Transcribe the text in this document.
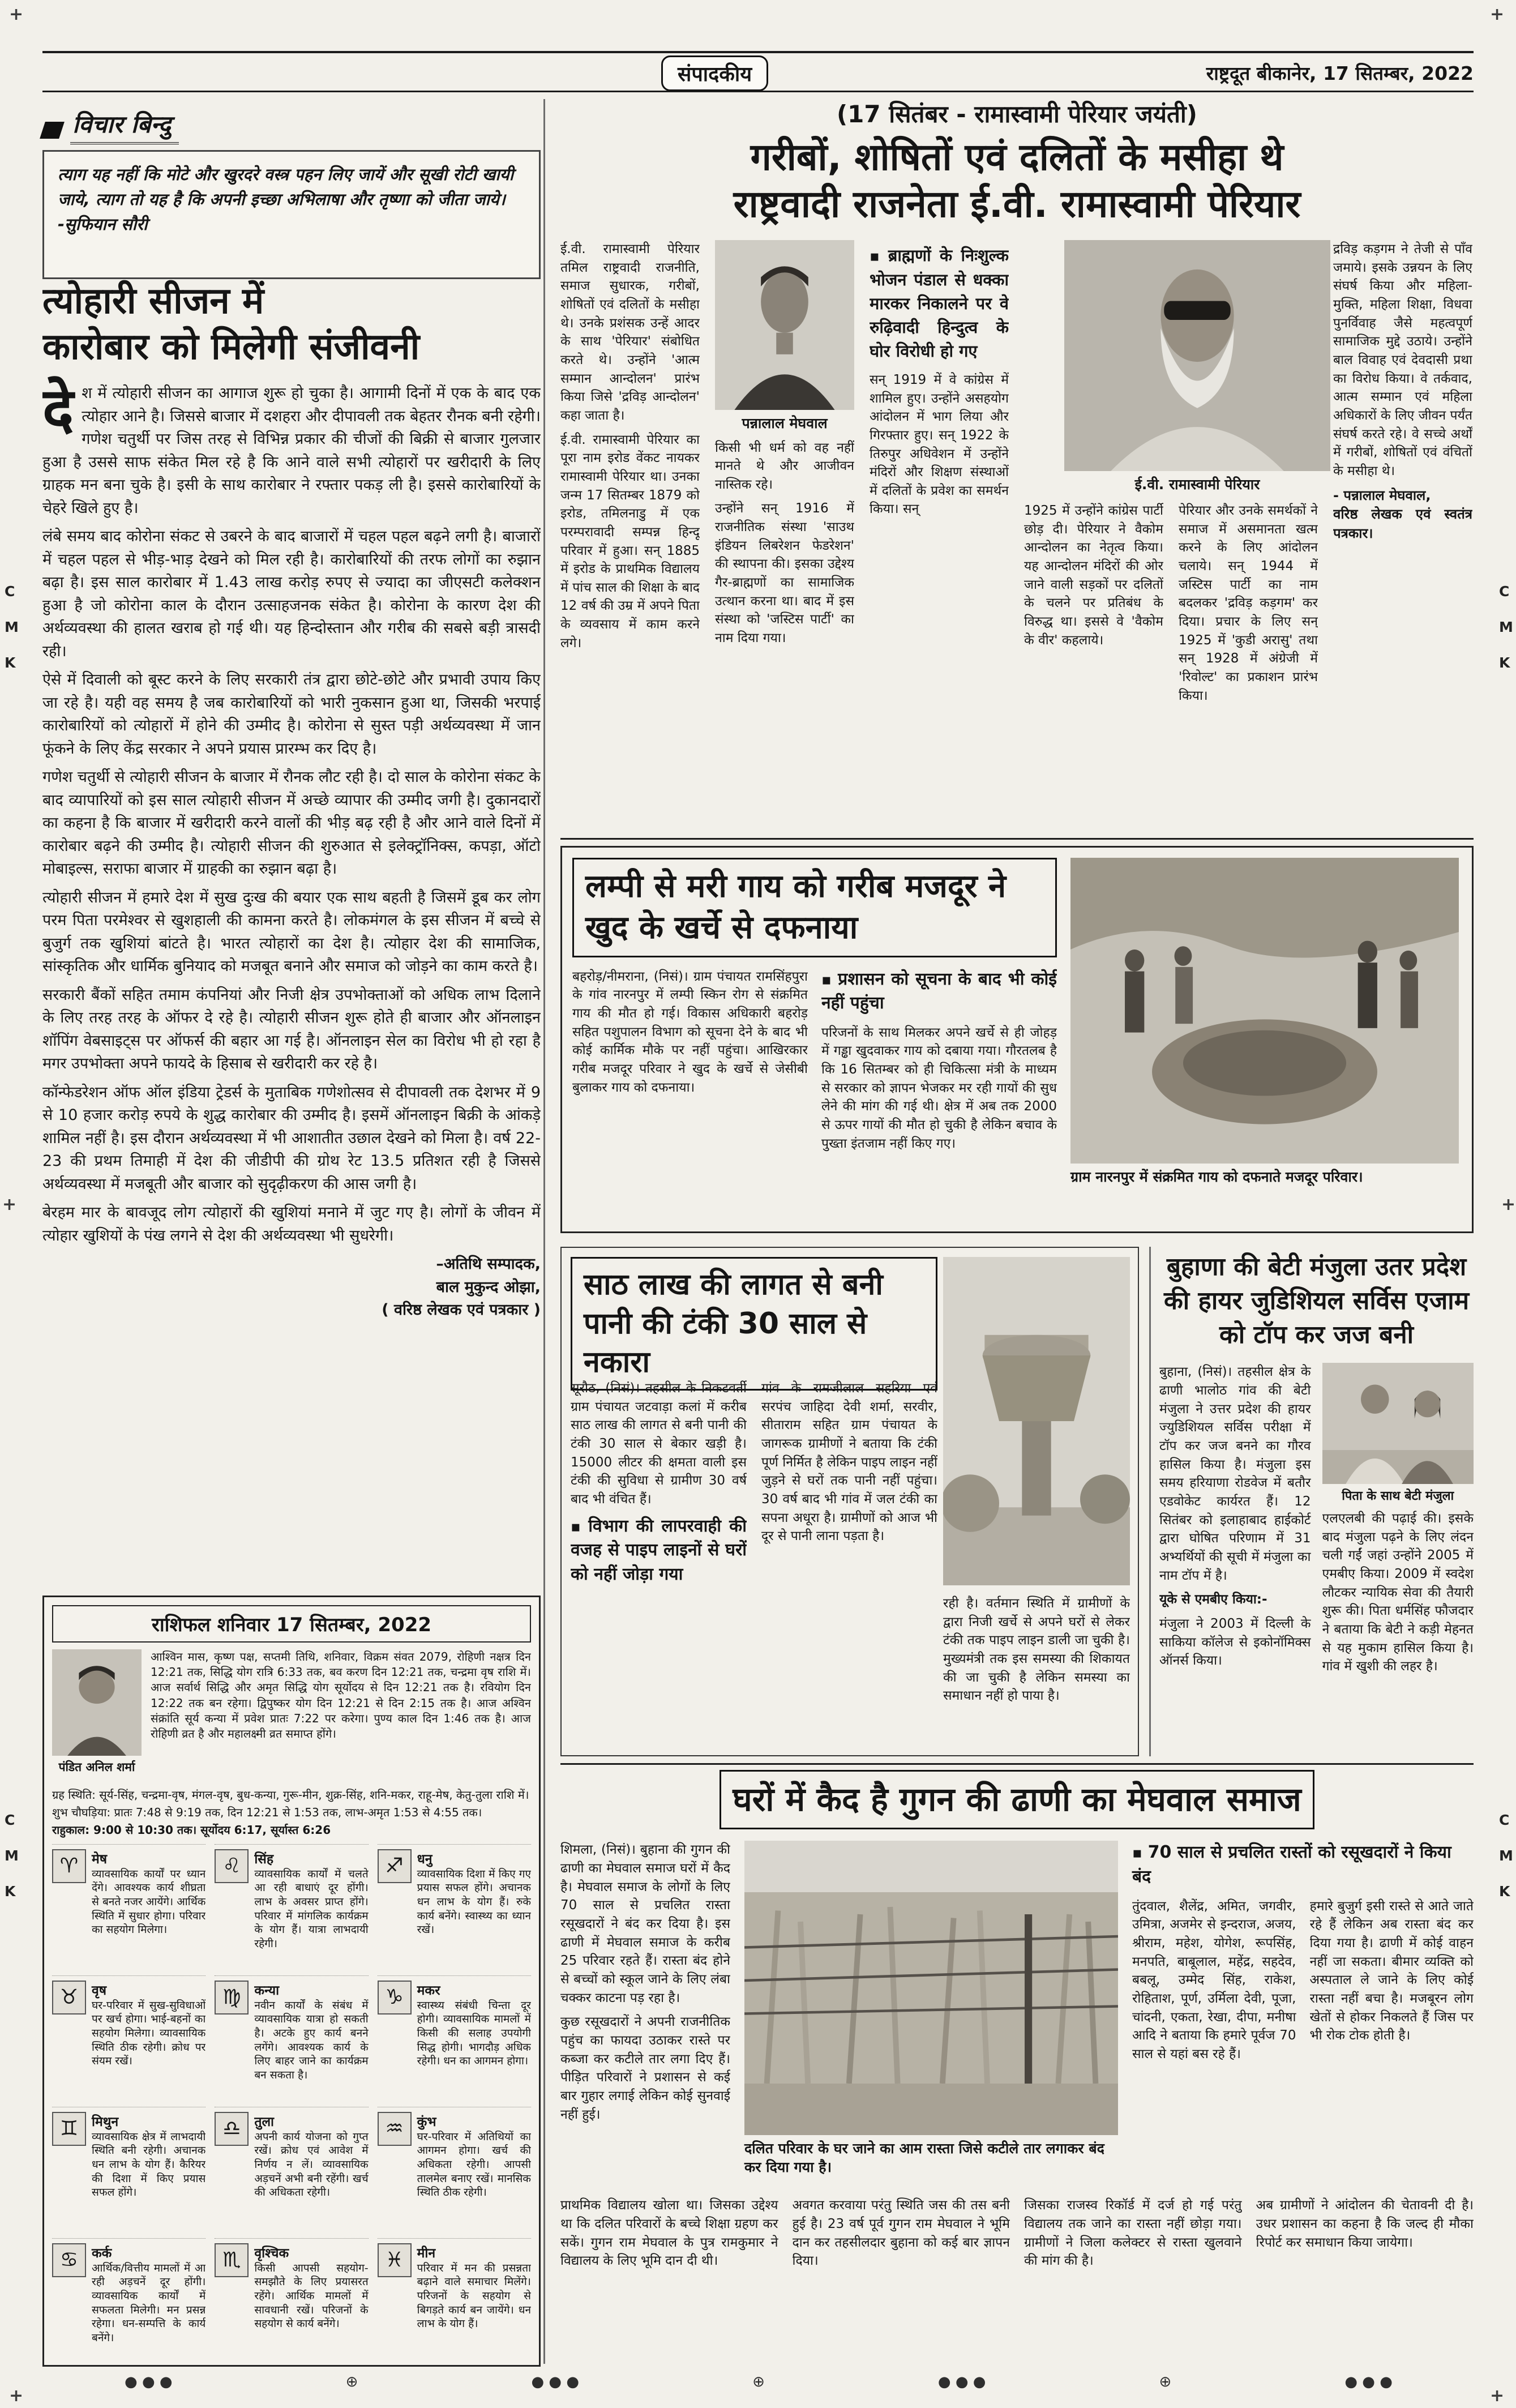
+	+
+	+
+	+
C
M
K
C
M
K
C
M
K
C
M
K
संपादकीय	राष्ट्रदूत बीकानेर, 17 सितम्बर, 2022
विचार बिन्दु
त्याग यह नहीं कि मोटे और खुरदरे वस्त्र पहन लिए जायें और सूखी रोटी खायी जाये, त्याग तो यह है कि अपनी इच्छा अभिलाषा और तृष्णा को जीता जाये। -सुफियान सौरी
त्योहारी सीजन में
कारोबार को मिलेगी संजीवनी

देश में त्योहारी सीजन का आगाज शुरू हो चुका है। आगामी दिनों में एक के बाद एक त्योहार आने है। जिससे बाजार में दशहरा और दीपावली तक बेहतर रौनक बनी रहेगी। गणेश चतुर्थी पर जिस तरह से विभिन्न प्रकार की चीजों की बिक्री से बाजार गुलजार हुआ है उससे साफ संकेत मिल रहे है कि आने वाले सभी त्योहारों पर खरीदारी के लिए ग्राहक मन बना चुके है। इसी के साथ कारोबार ने रफ्तार पकड़ ली है। इससे कारोबारियों के चेहरे खिले हुए है।

लंबे समय बाद कोरोना संकट से उबरने के बाद बाजारों में चहल पहल बढ़ने लगी है। बाजारों में चहल पहल से भीड़-भाड़ देखने को मिल रही है। कारोबारियों की तरफ लोगों का रुझान बढ़ा है। इस साल कारोबार में 1.43 लाख करोड़ रुपए से ज्यादा का जीएसटी कलेक्शन हुआ है जो कोरोना काल के दौरान उत्साहजनक संकेत है। कोरोना के कारण देश की अर्थव्यवस्था की हालत खराब हो गई थी। यह हिन्दोस्तान और गरीब की सबसे बड़ी त्रासदी रही।

ऐसे में दिवाली को बूस्ट करने के लिए सरकारी तंत्र द्वारा छोटे-छोटे और प्रभावी उपाय किए जा रहे है। यही वह समय है जब कारोबारियों को भारी नुकसान हुआ था, जिसकी भरपाई कारोबारियों को त्योहारों में होने की उम्मीद है। कोरोना से सुस्त पड़ी अर्थव्यवस्था में जान फूंकने के लिए केंद्र सरकार ने अपने प्रयास प्रारम्भ कर दिए है।

गणेश चतुर्थी से त्योहारी सीजन के बाजार में रौनक लौट रही है। दो साल के कोरोना संकट के बाद व्यापारियों को इस साल त्योहारी सीजन में अच्छे व्यापार की उम्मीद जगी है। दुकानदारों का कहना है कि बाजार में खरीदारी करने वालों की भीड़ बढ़ रही है और आने वाले दिनों में कारोबार बढ़ने की उम्मीद है। त्योहारी सीजन की शुरुआत से इलेक्ट्रॉनिक्स, कपड़ा, ऑटो मोबाइल्स, सराफा बाजार में ग्राहकी का रुझान बढ़ा है।

त्योहारी सीजन में हमारे देश में सुख दुःख की बयार एक साथ बहती है जिसमें डूब कर लोग परम पिता परमेश्वर से खुशहाली की कामना करते है। लोकमंगल के इस सीजन में बच्चे से बुजुर्ग तक खुशियां बांटते है। भारत त्योहारों का देश है। त्योहार देश की सामाजिक, सांस्कृतिक और धार्मिक बुनियाद को मजबूत बनाने और समाज को जोड़ने का काम करते है।

सरकारी बैंकों सहित तमाम कंपनियां और निजी क्षेत्र उपभोक्ताओं को अधिक लाभ दिलाने के लिए तरह तरह के ऑफर दे रहे है। त्योहारी सीजन शुरू होते ही बाजार और ऑनलाइन शॉपिंग वेबसाइट्स पर ऑफर्स की बहार आ गई है। ऑनलाइन सेल का विरोध भी हो रहा है मगर उपभोक्ता अपने फायदे के हिसाब से खरीदारी कर रहे है।

कॉन्फेडरेशन ऑफ ऑल इंडिया ट्रेडर्स के मुताबिक गणेशोत्सव से दीपावली तक देशभर में 9 से 10 हजार करोड़ रुपये के शुद्ध कारोबार की उम्मीद है। इसमें ऑनलाइन बिक्री के आंकड़े शामिल नहीं है। इस दौरान अर्थव्यवस्था में भी आशातीत उछाल देखने को मिला है। वर्ष 22-23 की प्रथम तिमाही में देश की जीडीपी की ग्रोथ रेट 13.5 प्रतिशत रही है जिससे अर्थव्यवस्था में मजबूती और बाजार को सुदृढ़ीकरण की आस जगी है।

बेरहम मार के बावजूद लोग त्योहारों की खुशियां मनाने में जुट गए है। लोगों के जीवन में त्योहार खुशियों के पंख लगने से देश की अर्थव्यवस्था भी सुधरेगी।

–अतिथि सम्पादक,
बाल मुकुन्द ओझा,
( वरिष्ठ लेखक एवं पत्रकार )
राशिफल शनिवार 17 सितम्बर, 2022
पंडित अनिल शर्मा
आश्विन मास, कृष्ण पक्ष, सप्तमी तिथि, शनिवार, विक्रम संवत 2079, रोहिणी नक्षत्र दिन 12:21 तक, सिद्धि योग रात्रि 6:33 तक, बव करण दिन 12:21 तक, चन्द्रमा वृष राशि में। आज सर्वार्थ सिद्धि और अमृत सिद्धि योग सूर्योदय से दिन 12:21 तक है। रवियोग दिन 12:22 तक बन रहेगा। द्विपुष्कर योग दिन 12:21 से दिन 2:15 तक है। आज अश्विन संक्रांति सूर्य कन्या में प्रवेश प्रातः 7:22 पर करेगा। पुण्य काल दिन 1:46 तक है। आज रोहिणी व्रत है और महालक्ष्मी व्रत समाप्त होंगे।
ग्रह स्थिति: सूर्य-सिंह, चन्द्रमा-वृष, मंगल-वृष, बुध-कन्या, गुरू-मीन, शुक्र-सिंह, शनि-मकर, राहू-मेष, केतु-तुला राशि में।
शुभ चौघड़िया: प्रातः 7:48 से 9:19 तक, दिन 12:21 से 1:53 तक, लाभ-अमृत 1:53 से 4:55 तक।
राहुकाल: 9:00 से 10:30 तक। सूर्योदय 6:17, सूर्यास्त 6:26
♈	मेष
व्यावसायिक कार्यों पर ध्यान देंगे। आवश्यक कार्य शीघ्रता से बनते नजर आयेंगे। आर्थिक स्थिति में सुधार होगा। परिवार का सहयोग मिलेगा।
♌	सिंह
व्यावसायिक कार्यों में चलते आ रही बाधाएं दूर होंगी। लाभ के अवसर प्राप्त होंगे। परिवार में मांगलिक कार्यक्रम के योग हैं। यात्रा लाभदायी रहेगी।
♐	धनु
व्यावसायिक दिशा में किए गए प्रयास सफल होंगे। अचानक धन लाभ के योग हैं। रुके कार्य बनेंगे। स्वास्थ्य का ध्यान रखें।
♉	वृष
घर-परिवार में सुख-सुविधाओं पर खर्च होगा। भाई-बहनों का सहयोग मिलेगा। व्यावसायिक स्थिति ठीक रहेगी। क्रोध पर संयम रखें।
♍	कन्या
नवीन कार्यों के संबंध में व्यावसायिक यात्रा हो सकती है। अटके हुए कार्य बनने लगेंगे। आवश्यक कार्य के लिए बाहर जाने का कार्यक्रम बन सकता है।
♑	मकर
स्वास्थ्य संबंधी चिन्ता दूर होगी। व्यावसायिक मामलों में किसी की सलाह उपयोगी सिद्ध होगी। भागदौड़ अधिक रहेगी। धन का आगमन होगा।
♊	मिथुन
व्यावसायिक क्षेत्र में लाभदायी स्थिति बनी रहेगी। अचानक धन लाभ के योग हैं। कैरियर की दिशा में किए प्रयास सफल होंगे।
♎	तुला
अपनी कार्य योजना को गुप्त रखें। क्रोध एवं आवेश में निर्णय न लें। व्यावसायिक अड़चनें अभी बनी रहेंगी। खर्च की अधिकता रहेगी।
♒	कुंभ
घर-परिवार में अतिथियों का आगमन होगा। खर्च की अधिकता रहेगी। आपसी तालमेल बनाए रखें। मानसिक स्थिति ठीक रहेगी।
♋	कर्क
आर्थिक/वित्तीय मामलों में आ रही अड़चनें दूर होंगी। व्यावसायिक कार्यों में सफलता मिलेगी। मन प्रसन्न रहेगा। धन-सम्पत्ति के कार्य बनेंगे।
♏	वृश्चिक
किसी आपसी सहयोग-समझौते के लिए प्रयासरत रहेंगे। आर्थिक मामलों में सावधानी रखें। परिजनों के सहयोग से कार्य बनेंगे।
♓	मीन
परिवार में मन की प्रसन्नता बढ़ाने वाले समाचार मिलेंगे। परिजनों के सहयोग से बिगड़ते कार्य बन जायेंगे। धन लाभ के योग हैं।
(17 सितंबर - रामास्वामी पेरियार जयंती)
गरीबों, शोषितों एवं दलितों के मसीहा थे
राष्ट्रवादी राजनेता ई.वी. रामास्वामी पेरियार
ई.वी. रामास्वामी पेरियार

ई.वी. रामास्वामी पेरियार तमिल राष्ट्रवादी राजनीति, समाज सुधारक, गरीबों, शोषितों एवं दलितों के मसीहा थे। उनके प्रशंसक उन्हें आदर के साथ 'पेरियार' संबोधित करते थे। उन्होंने 'आत्म सम्मान आन्दोलन' प्रारंभ किया जिसे 'द्रविड़ आन्दोलन' कहा जाता है।

ई.वी. रामास्वामी पेरियार का पूरा नाम इरोड वेंकट नायकर रामास्वामी पेरियार था। उनका जन्म 17 सितम्बर 1879 को इरोड, तमिलनाडु में एक परम्परावादी सम्पन्न हिन्दू परिवार में हुआ। सन् 1885 में इरोड के प्राथमिक विद्यालय में पांच साल की शिक्षा के बाद 12 वर्ष की उम्र में अपने पिता के व्यवसाय में काम करने लगे।

पन्नालाल मेघवाल

किसी भी धर्म को वह नहीं मानते थे और आजीवन नास्तिक रहे।

उन्होंने सन् 1916 में राजनीतिक संस्था 'साउथ इंडियन लिबरेशन फेडरेशन' की स्थापना की। इसका उद्देश्य गैर-ब्राह्मणों का सामाजिक उत्थान करना था। बाद में इस संस्था को 'जस्टिस पार्टी' का नाम दिया गया।

▪ ब्राह्मणों के निःशुल्क भोजन पंडाल से धक्का मारकर निकालने पर वे रुढ़िवादी हिन्दुत्व के घोर विरोधी हो गए

सन् 1919 में वे कांग्रेस में शामिल हुए। उन्होंने असहयोग आंदोलन में भाग लिया और गिरफ्तार हुए। सन् 1922 के तिरुपुर अधिवेशन में उन्होंने मंदिरों और शिक्षण संस्थाओं में दलितों के प्रवेश का समर्थन किया। सन्	1925 में उन्होंने कांग्रेस पार्टी छोड़ दी। पेरियार ने वैकोम आन्दोलन का नेतृत्व किया। यह आन्दोलन मंदिरों की ओर जाने वाली सड़कों पर दलितों के चलने पर प्रतिबंध के विरुद्ध था। इससे वे 'वैकोम के वीर' कहलाये।

पेरियार और उनके समर्थकों ने समाज में असमानता खत्म करने के लिए आंदोलन चलाये। सन् 1944 में जस्टिस पार्टी का नाम बदलकर 'द्रविड़ कड़गम' कर दिया। प्रचार के लिए सन् 1925 में 'कुडी अरासु' तथा सन् 1928 में अंग्रेजी में 'रिवोल्ट' का प्रकाशन प्रारंभ किया।

द्रविड़ कड़गम ने तेजी से पाँव जमाये। इसके उन्नयन के लिए संघर्ष किया और महिला-मुक्ति, महिला शिक्षा, विधवा पुनर्विवाह जैसे महत्वपूर्ण सामाजिक मुद्दे उठाये। उन्होंने बाल विवाह एवं देवदासी प्रथा का विरोध किया। वे तर्कवाद, आत्म सम्मान एवं महिला अधिकारों के लिए जीवन पर्यंत संघर्ष करते रहे। वे सच्चे अर्थों में गरीबों, शोषितों एवं वंचितों के मसीहा थे।

- पन्नालाल मेघवाल,
वरिष्ठ लेखक एवं स्वतंत्र पत्रकार।
लम्पी से मरी गाय को गरीब मजदूर ने खुद के खर्चे से दफनाया

बहरोड़/नीमराना, (निसं)। ग्राम पंचायत रामसिंहपुरा के गांव नारनपुर में लम्पी स्किन रोग से संक्रमित गाय की मौत हो गई। विकास अधिकारी बहरोड़ सहित पशुपालन विभाग को सूचना देने के बाद भी कोई कार्मिक मौके पर नहीं पहुंचा। आखिरकार गरीब मजदूर परिवार ने खुद के खर्चे से जेसीबी बुलाकर गाय को दफनाया।

▪ प्रशासन को सूचना के बाद भी कोई नहीं पहुंचा

परिजनों के साथ मिलकर अपने खर्चे से ही जोहड़ में गड्ढा खुदवाकर गाय को दबाया गया। गौरतलब है कि 16 सितम्बर को ही चिकित्सा मंत्री के माध्यम से सरकार को ज्ञापन भेजकर मर रही गायों की सुध लेने की मांग की गई थी। क्षेत्र में अब तक 2000 से ऊपर गायों की मौत हो चुकी है लेकिन बचाव के पुख्ता इंतजाम नहीं किए गए।

ग्राम नारनपुर में संक्रमित गाय को दफनाते मजदूर परिवार।
साठ लाख की लागत से बनी पानी की टंकी 30 साल से नकारा

सूरौठ, (निसं)। तहसील के निकटवर्ती ग्राम पंचायत जटवाड़ा कलां में करीब साठ लाख की लागत से बनी पानी की टंकी 30 साल से बेकार खड़ी है। 15000 लीटर की क्षमता वाली इस टंकी की सुविधा से ग्रामीण 30 वर्ष बाद भी वंचित हैं।

▪ विभाग की लापरवाही की वजह से पाइप लाइनों से घरों को नहीं जोड़ा गया

गांव के रामजीलाल सहरिया एवं सरपंच जाहिदा देवी शर्मा, सरवीर, सीताराम सहित ग्राम पंचायत के जागरूक ग्रामीणों ने बताया कि टंकी पूर्ण निर्मित है लेकिन पाइप लाइन नहीं जुड़ने से घरों तक पानी नहीं पहुंचा। 30 वर्ष बाद भी गांव में जल टंकी का सपना अधूरा है। ग्रामीणों को आज भी दूर से पानी लाना पड़ता है।

रही है। वर्तमान स्थिति में ग्रामीणों के द्वारा निजी खर्चे से अपने घरों से लेकर टंकी तक पाइप लाइन डाली जा चुकी है। मुख्यमंत्री तक इस समस्या की शिकायत की जा चुकी है लेकिन समस्या का समाधान नहीं हो पाया है।

बुहाणा की बेटी मंजुला उतर प्रदेश की हायर जुडिशियल सर्विस एजाम को टॉप कर जज बनी

बुहाना, (निसं)। तहसील क्षेत्र के ढाणी भालोठ गांव की बेटी मंजुला ने उत्तर प्रदेश की हायर ज्युडिशियल सर्विस परीक्षा में टॉप कर जज बनने का गौरव हासिल किया है। मंजुला इस समय हरियाणा रोडवेज में बतौर एडवोकेट कार्यरत हैं। 12 सितंबर को इलाहाबाद हाईकोर्ट द्वारा घोषित परिणाम में 31 अभ्यर्थियों की सूची में मंजुला का नाम टॉप में है।

यूके से एमबीए किया:-

मंजुला ने 2003 में दिल्ली के साकिया कॉलेज से इकोनॉमिक्स ऑनर्स किया।

पिता के साथ बेटी मंजुला

एलएलबी की पढ़ाई की। इसके बाद मंजुला पढ़ने के लिए लंदन चली गईं जहां उन्होंने 2005 में एमबीए किया। 2009 में स्वदेश लौटकर न्यायिक सेवा की तैयारी शुरू की। पिता धर्मसिंह फौजदार ने बताया कि बेटी ने कड़ी मेहनत से यह मुकाम हासिल किया है। गांव में खुशी की लहर है।

घरों में कैद है गुगन की ढाणी का मेघवाल समाज

शिमला, (निसं)। बुहाना की गुगन की ढाणी का मेघवाल समाज घरों में कैद है। मेघवाल समाज के लोगों के लिए 70 साल से प्रचलित रास्ता रसूखदारों ने बंद कर दिया है। इस ढाणी में मेघवाल समाज के करीब 25 परिवार रहते हैं। रास्ता बंद होने से बच्चों को स्कूल जाने के लिए लंबा चक्कर काटना पड़ रहा है।

कुछ रसूखदारों ने अपनी राजनीतिक पहुंच का फायदा उठाकर रास्ते पर कब्जा कर कटीले तार लगा दिए हैं। पीड़ित परिवारों ने प्रशासन से कई बार गुहार लगाई लेकिन कोई सुनवाई नहीं हुई।

दलित परिवार के घर जाने का आम रास्ता जिसे कटीले तार लगाकर बंद कर दिया गया है।
▪ 70 साल से प्रचलित रास्तों को रसूखदारों ने किया बंद

तुंदवाल, शैलेंद्र, अमित, जगवीर, उमित्रा, अजमेर से इन्दराज, अजय, श्रीराम, महेश, योगेश, रूपसिंह, मनपति, बाबूलाल, महेंद्र, सहदेव, बबलू, उम्मेद सिंह, राकेश, रोहिताश, पूर्ण, उर्मिला देवी, पूजा, चांदनी, एकता, रेखा, दीपा, मनीषा आदि ने बताया कि हमारे पूर्वज 70 साल से यहां बस रहे हैं।

हमारे बुजुर्ग इसी रास्ते से आते जाते रहे हैं लेकिन अब रास्ता बंद कर दिया गया है। ढाणी में कोई वाहन नहीं जा सकता। बीमार व्यक्ति को अस्पताल ले जाने के लिए कोई रास्ता नहीं बचा है। मजबूरन लोग खेतों से होकर निकलते हैं जिस पर भी रोक टोक होती है।

प्राथमिक विद्यालय खोला था। जिसका उद्देश्य था कि दलित परिवारों के बच्चे शिक्षा ग्रहण कर सकें। गुगन राम मेघवाल के पुत्र रामकुमार ने विद्यालय के लिए भूमि दान दी थी।

अवगत करवाया परंतु स्थिति जस की तस बनी हुई है। 23 वर्ष पूर्व गुगन राम मेघवाल ने भूमि दान कर तहसीलदार बुहाना को कई बार ज्ञापन दिया।

जिसका राजस्व रिकॉर्ड में दर्ज हो गई परंतु विद्यालय तक जाने का रास्ता नहीं छोड़ा गया। ग्रामीणों ने जिला कलेक्टर से रास्ता खुलवाने की मांग की है।

अब ग्रामीणों ने आंदोलन की चेतावनी दी है। उधर प्रशासन का कहना है कि जल्द ही मौका रिपोर्ट कर समाधान किया जायेगा।

● ● ●	⊕	● ● ●	⊕	● ● ●	⊕	● ● ●
